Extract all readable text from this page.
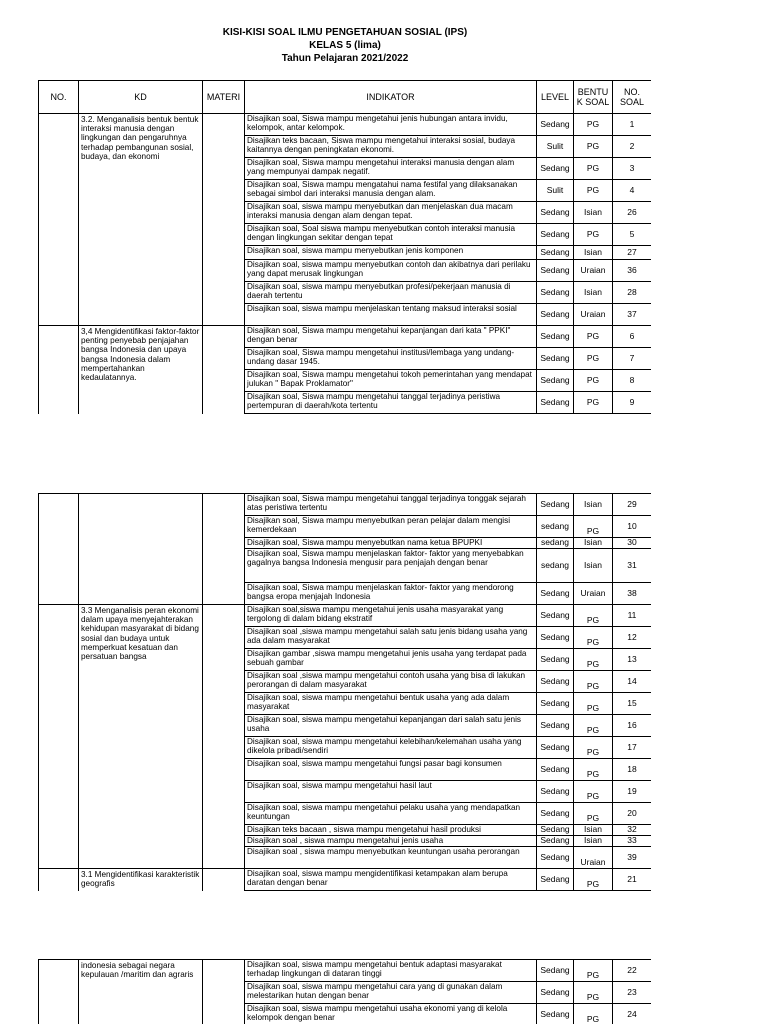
KISI-KISI SOAL ILMU PENGETAHUAN SOSIAL (IPS)
KELAS 5 (lima)
Tahun Pelajaran 2021/2022
NO.	KD	MATERI	INDIKATOR	LEVEL	BENTU K SOAL	NO. SOAL
	3.2. Menganalisis bentuk bentuk interaksi manusia dengan lingkungan dan pengaruhnya terhadap pembangunan sosial, budaya, dan ekonomi		Disajikan soal, Siswa mampu mengetahui jenis hubungan antara invidu, kelompok, antar kelompok.	Sedang	PG	1
			Disajikan teks bacaan, Siswa mampu mengetahui interaksi sosial, budaya kaitannya dengan peningkatan ekonomi.	Sulit	PG	2
			Disajikan soal, Siswa mampu mengetahui interaksi manusia dengan alam yang mempunyai dampak negatif.	Sedang	PG	3
			Disajikan soal, Siswa mampu mengatahui nama festifal yang dilaksanakan sebagai simbol dari interaksi manusia dengan alam.	Sulit	PG	4
			Disajikan soal, siswa mampu menyebutkan dan menjelaskan dua macam interaksi manusia dengan alam dengan tepat.	Sedang	Isian	26
			Disajikan soal, Soal siswa mampu menyebutkan contoh interaksi manusia dengan lingkungan sekitar dengan tepat	Sedang	PG	5
			Disajikan soal, siswa mampu menyebutkan jenis komponen	Sedang	Isian	27
			Disajikan soal, siswa mampu menyebutkan contoh dan akibatnya dari perilaku yang dapat merusak lingkungan	Sedang	Uraian	36
			Disajikan soal, siswa mampu menyebutkan profesi/pekerjaan manusia di daerah tertentu	Sedang	Isian	28
			Disajikan soal, siswa mampu menjelaskan tentang maksud interaksi sosial	Sedang	Uraian	37
	3,4 Mengidentifikasi faktor-faktor penting penyebab penjajahan bangsa Indonesia dan upaya bangsa Indonesia dalam mempertahankan kedaulatannya.		Disajikan soal, Siswa mampu mengetahui kepanjangan dari kata " PPKI" dengan benar	Sedang	PG	6
			Disajikan soal, Siswa mampu mengetahui institusi/lembaga yang undang- undang dasar 1945.	Sedang	PG	7
			Disajikan soal, Siswa mampu mengetahui tokoh pemerintahan yang mendapat julukan " Bapak Proklamator"	Sedang	PG	8
			Disajikan soal, Siswa mampu mengetahui tanggal terjadinya peristiwa pertempuran di daerah/kota tertentu	Sedang	PG	9
			Disajikan soal, Siswa mampu mengetahui tanggal terjadinya tonggak sejarah atas peristiwa tertentu	Sedang	Isian	29
			Disajikan soal, Siswa mampu menyebutkan peran pelajar dalam mengisi kemerdekaan	sedang	PG	10
			Disajikan soal, Siswa mampu menyebutkan nama ketua BPUPKI	sedang	Isian	30
			Disajikan soal, Siswa mampu menjelaskan faktor- faktor yang menyebabkan gagalnya bangsa Indonesia mengusir para penjajah dengan benar	sedang	Isian	31
			Disajikan soal, Siswa mampu menjelaskan faktor- faktor yang mendorong bangsa eropa menjajah Indonesia	Sedang	Uraian	38
	3.3 Menganalisis peran ekonomi dalam upaya menyejahterakan kehidupan masyarakat di bidang sosial dan budaya untuk memperkuat kesatuan dan persatuan bangsa		Disajikan soal,siswa mampu mengetahui jenis usaha masyarakat yang tergolong di dalam bidang ekstratif	Sedang	PG	11
			Disajikan soal ,siswa mampu mengetahui salah satu jenis bidang usaha yang ada dalam masyarakat	Sedang	PG	12
			Disajikan gambar ,siswa mampu mengetahui jenis usaha yang terdapat pada sebuah gambar	Sedang	PG	13
			Disajikan soal ,siswa mampu mengetahui contoh usaha yang bisa di lakukan perorangan di dalam masyarakat	Sedang	PG	14
			Disajikan soal, siswa mampu mengetahui bentuk usaha yang ada dalam masyarakat	Sedang	PG	15
			Disajikan soal, siswa mampu mengetahui kepanjangan dari salah satu jenis usaha	Sedang	PG	16
			Disajikan soal, siswa mampu mengetahui kelebihan/kelemahan usaha yang dikelola pribadi/sendiri	Sedang	PG	17
			Disajikan soal, siswa mampu mengetahui fungsi pasar bagi konsumen	Sedang	PG	18
			Disajikan soal, siswa mampu mengetahui hasil laut	Sedang	PG	19
			Disajikan soal, siswa mampu mengetahui pelaku usaha yang mendapatkan keuntungan	Sedang	PG	20
			Disajikan teks bacaan , siswa mampu mengetahui hasil produksi	Sedang	Isian	32
			Disajikan soal , siswa mampu mengetahui jenis usaha	Sedang	Isian	33
			Disajikan soal , siswa mampu menyebutkan keuntungan usaha perorangan	Sedang	Uraian	39
	3.1 Mengidentifikasi karakteristik geografis		Disajikan soal, siswa mampu mengidentifikasi ketampakan alam berupa daratan dengan benar	Sedang	PG	21
	indonesia sebagai negara kepulauan /maritim dan agraris		Disajikan soal, siswa mampu mengetahui bentuk adaptasi masyarakat terhadap lingkungan di dataran tinggi	Sedang	PG	22
			Disajikan soal, siswa mampu mengetahui cara yang di gunakan dalam melestarikan hutan dengan benar	Sedang	PG	23
			Disajikan soal, siswa mampu mengetahui usaha ekonomi yang di kelola kelompok dengan benar	Sedang	PG	24
